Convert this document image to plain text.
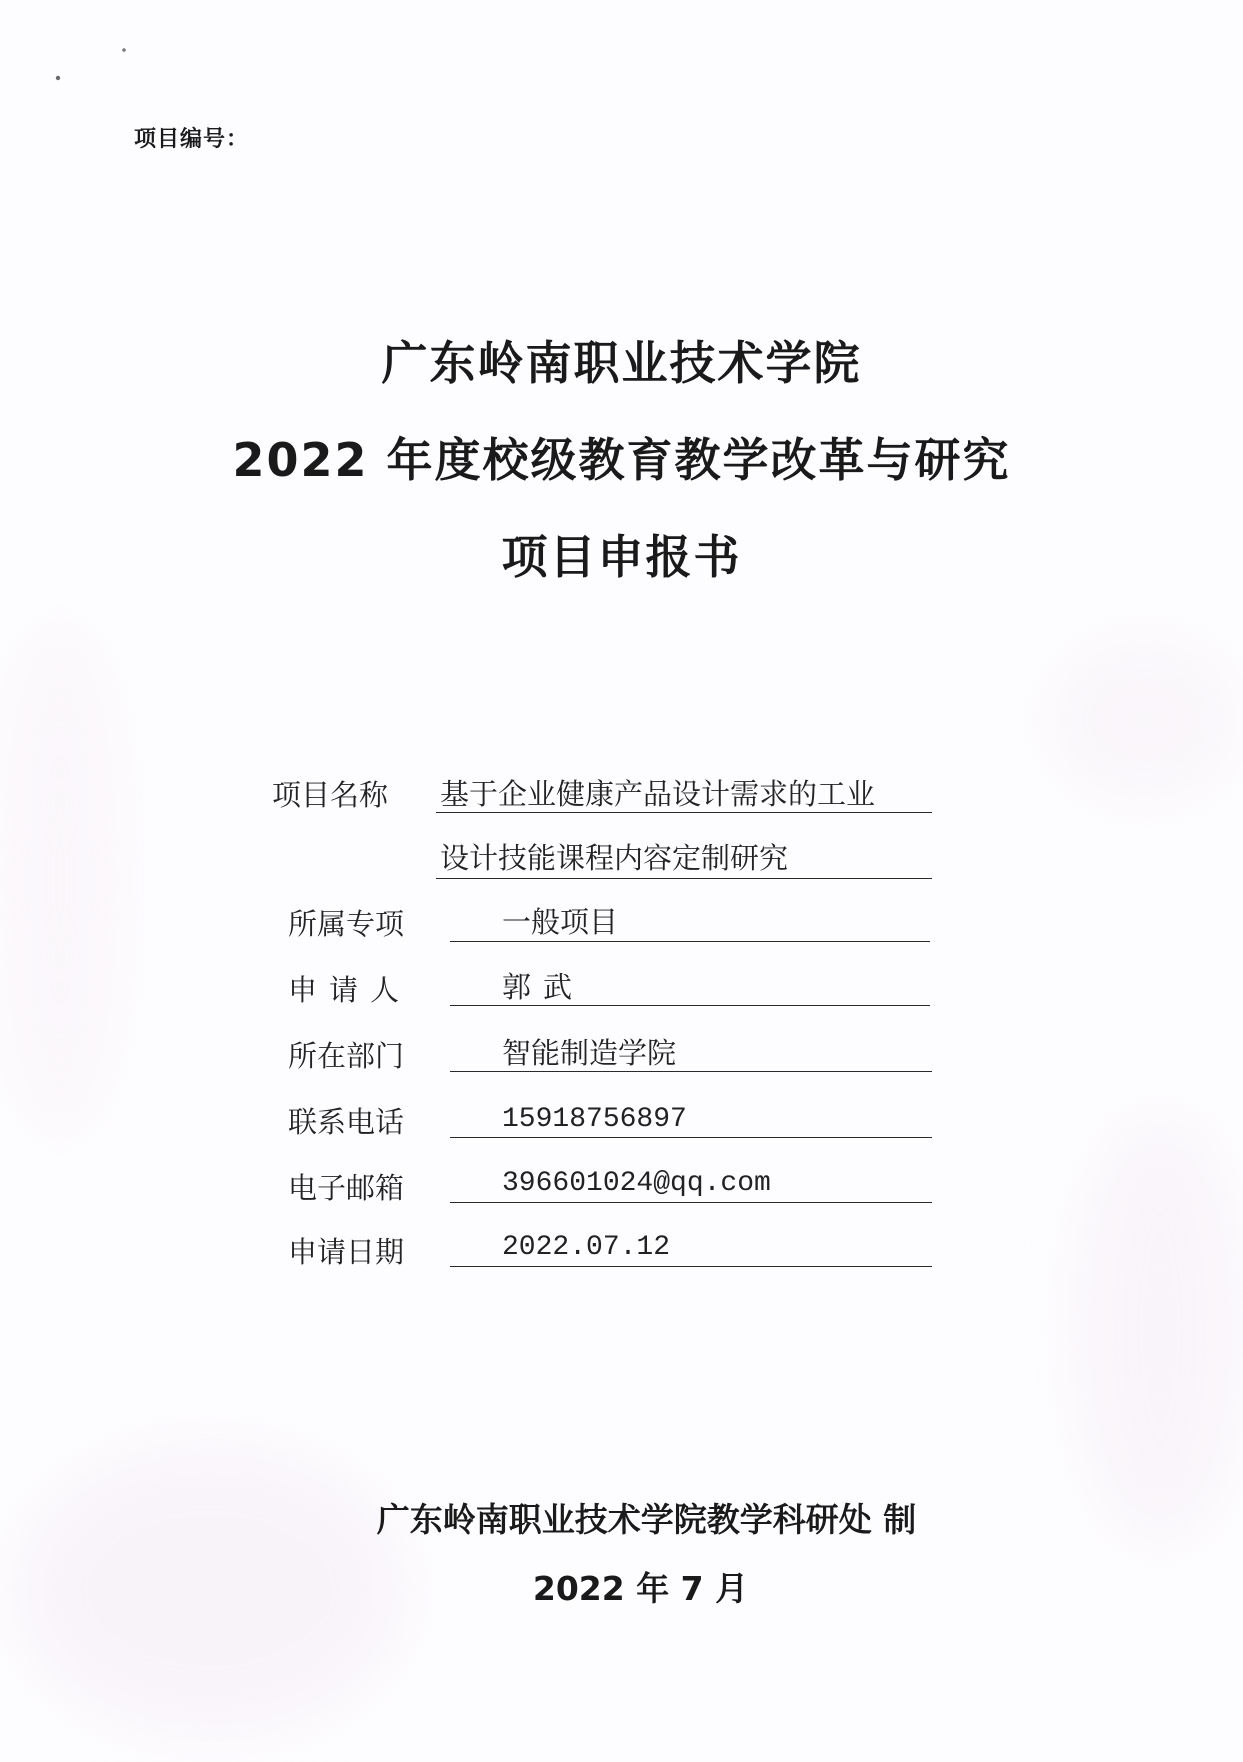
项目编号：
广东岭南职业技术学院
2022 年度校级教育教学改革与研究
项目申报书
项目名称 基于企业健康产品设计需求的工业
设计技能课程内容定制研究
所属专项	一般项目
申请人	郭武
所在部门	智能制造学院
联系电话	15918756897
电子邮箱	396601024@qq.com
申请日期	2022.07.12
广东岭南职业技术学院教学科研处 制
2022 年 7 月
